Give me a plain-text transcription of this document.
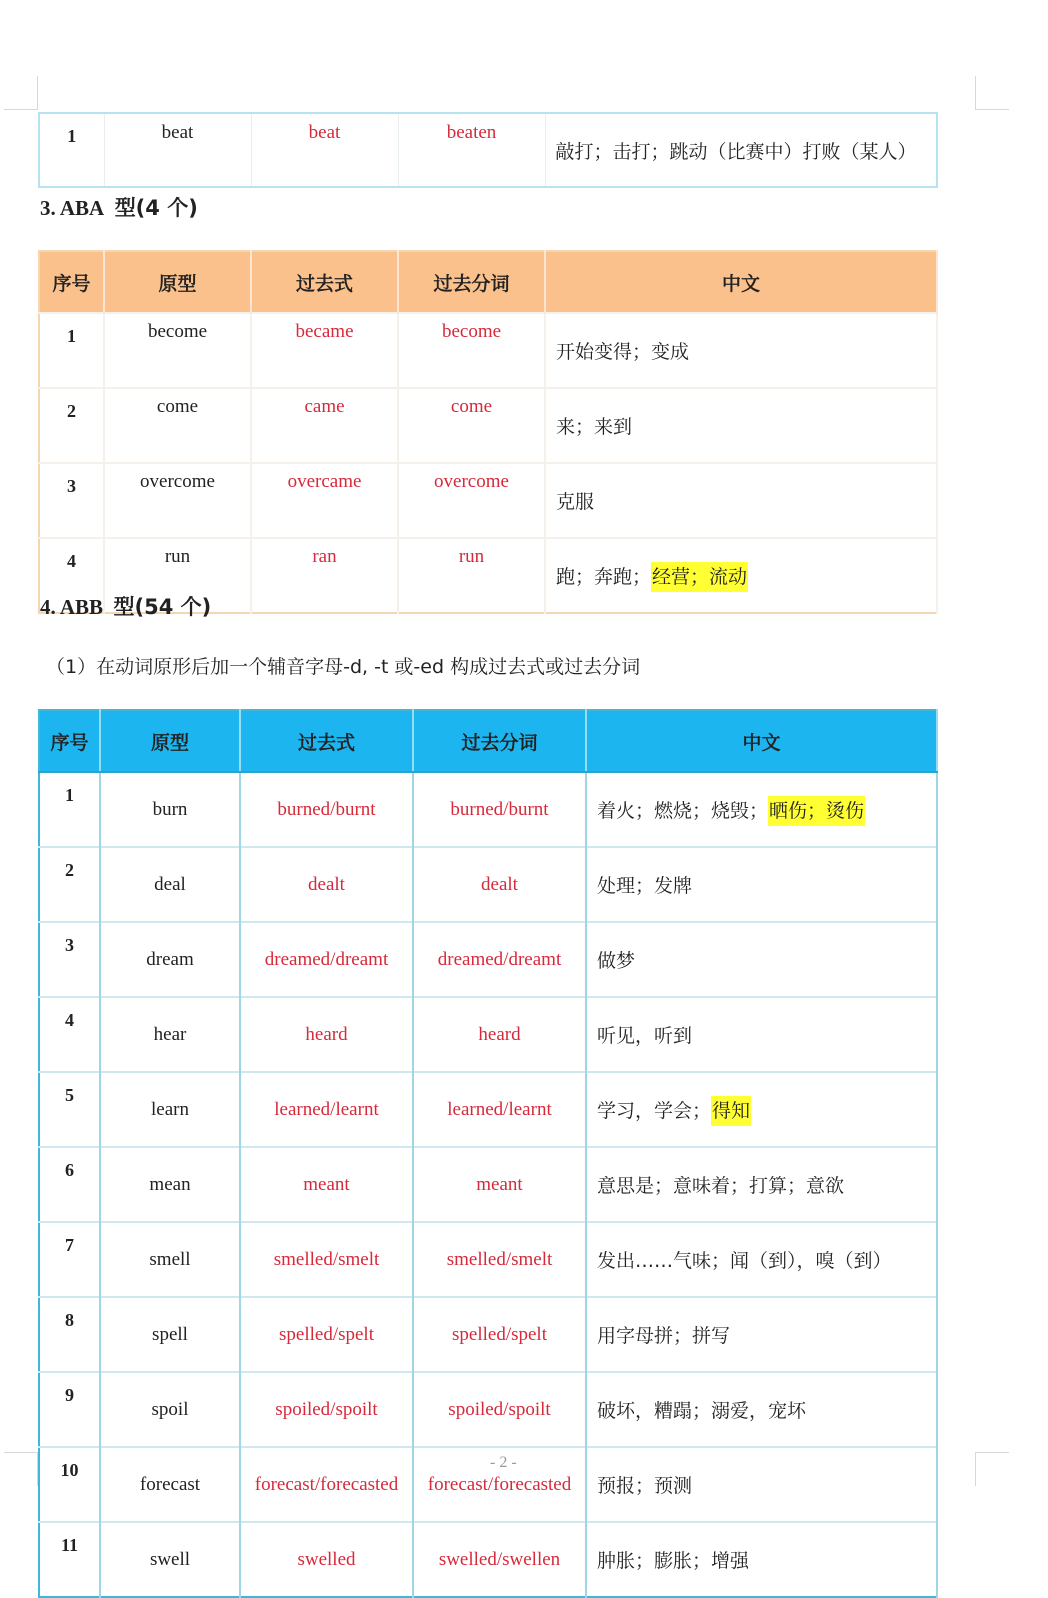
1	beat	beat	beaten	敲打；击打；跳动（比赛中）打败（某人）
3. ABA 型(4 个)
序号	原型	过去式	过去分词	中文
1	become	became	become	开始变得；变成
2	come	came	come	来；来到
3	overcome	overcame	overcome	克服
4	run	ran	run	跑；奔跑；经营；流动
4. ABB 型(54 个)
（1）在动词原形后加一个辅音字母-d, -t 或-ed 构成过去式或过去分词
序号	原型	过去式	过去分词	中文
1	burn	burned/burnt	burned/burnt	着火；燃烧；烧毁；晒伤；烫伤
2	deal	dealt	dealt	处理；发牌
3	dream	dreamed/dreamt	dreamed/dreamt	做梦
4	hear	heard	heard	听见，听到
5	learn	learned/learnt	learned/learnt	学习，学会；得知
6	mean	meant	meant	意思是；意味着；打算；意欲
7	smell	smelled/smelt	smelled/smelt	发出……气味；闻（到），嗅（到）
8	spell	spelled/spelt	spelled/spelt	用字母拼；拼写
9	spoil	spoiled/spoilt	spoiled/spoilt	破坏，糟蹋；溺爱，宠坏
10	forecast	forecast/forecasted	forecast/forecasted	预报；预测
11	swell	swelled	swelled/swellen	肿胀；膨胀；增强
- 2 -
